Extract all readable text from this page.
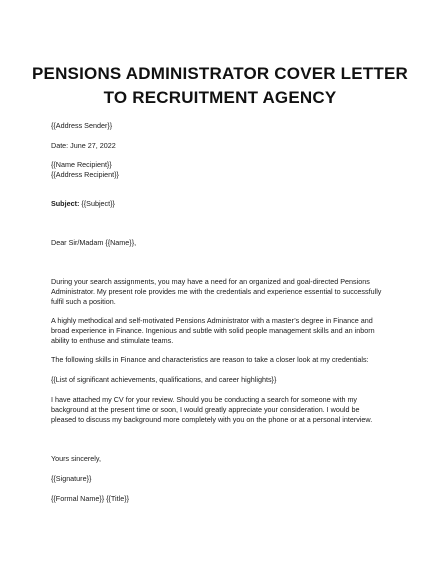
PENSIONS ADMINISTRATOR COVER LETTER
TO RECRUITMENT AGENCY
{{Address Sender}}
Date: June 27, 2022
{{Name Recipient}}
{{Address Recipient}}
Subject: {{Subject}}
Dear Sir/Madam {{Name}},
During your search assignments, you may have a need for an organized and goal-directed Pensions
Administrator. My present role provides me with the credentials and experience essential to successfully
fulfil such a position.
A highly methodical and self-motivated Pensions Administrator with a master’s degree in Finance and
broad experience in Finance. Ingenious and subtle with solid people management skills and an inborn
ability to enthuse and stimulate teams.
The following skills in Finance and characteristics are reason to take a closer look at my credentials:
{{List of significant achievements, qualifications, and career highlights}}
I have attached my CV for your review. Should you be conducting a search for someone with my
background at the present time or soon, I would greatly appreciate your consideration. I would be
pleased to discuss my background more completely with you on the phone or at a personal interview.
Yours sincerely,
{{Signature}}
{{Formal Name}} {{Title}}
